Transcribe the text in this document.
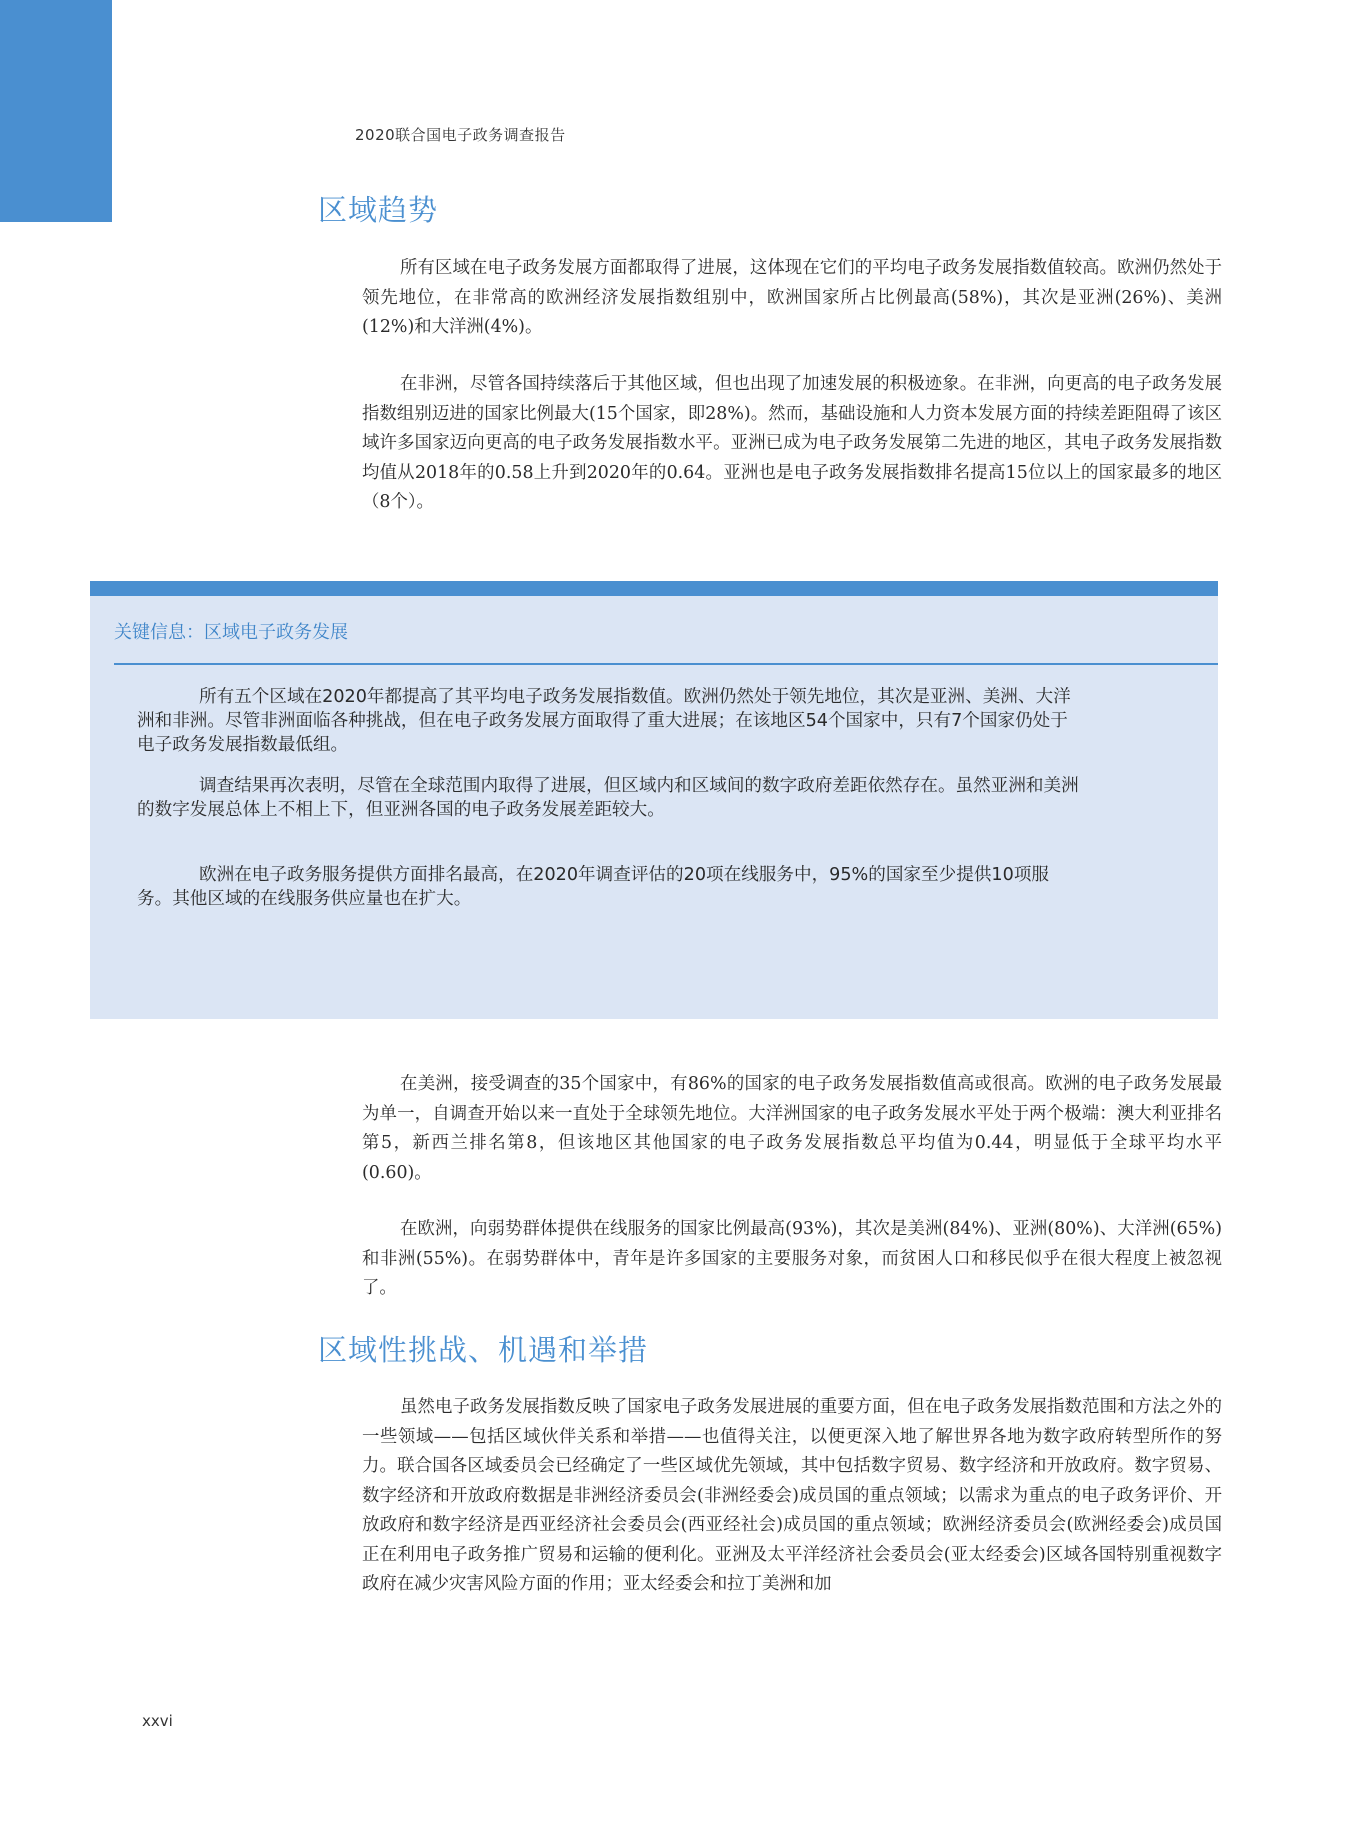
2020联合国电子政务调查报告
区域趋势

所有区域在电子政务发展方面都取得了进展，这体现在它们的平均电子政务发展指数值较高。欧洲仍然处于领先地位，在非常高的欧洲经济发展指数组别中，欧洲国家所占比例最高(58%)，其次是亚洲(26%)、美洲(12%)和大洋洲(4%)。

在非洲，尽管各国持续落后于其他区域，但也出现了加速发展的积极迹象。在非洲，向更高的电子政务发展指数组别迈进的国家比例最大(15个国家，即28%)。然而，基础设施和人力资本发展方面的持续差距阻碍了该区域许多国家迈向更高的电子政务发展指数水平。亚洲已成为电子政务发展第二先进的地区，其电子政务发展指数均值从2018年的0.58上升到2020年的0.64。亚洲也是电子政务发展指数排名提高15位以上的国家最多的地区（8个）。

关键信息：区域电子政务发展

所有五个区域在2020年都提高了其平均电子政务发展指数值。欧洲仍然处于领先地位，其次是亚洲、美洲、大洋洲和非洲。尽管非洲面临各种挑战，但在电子政务发展方面取得了重大进展；在该地区54个国家中，只有7个国家仍处于电子政务发展指数最低组。

调查结果再次表明，尽管在全球范围内取得了进展，但区域内和区域间的数字政府差距依然存在。虽然亚洲和美洲的数字发展总体上不相上下，但亚洲各国的电子政务发展差距较大。

欧洲在电子政务服务提供方面排名最高，在2020年调查评估的20项在线服务中，95%的国家至少提供10项服务。其他区域的在线服务供应量也在扩大。

在美洲，接受调查的35个国家中，有86%的国家的电子政务发展指数值高或很高。欧洲的电子政务发展最为单一，自调查开始以来一直处于全球领先地位。大洋洲国家的电子政务发展水平处于两个极端：澳大利亚排名第5，新西兰排名第8，但该地区其他国家的电子政务发展指数总平均值为0.44，明显低于全球平均水平(0.60)。

在欧洲，向弱势群体提供在线服务的国家比例最高(93%)，其次是美洲(84%)、亚洲(80%)、大洋洲(65%)和非洲(55%)。在弱势群体中，青年是许多国家的主要服务对象，而贫困人口和移民似乎在很大程度上被忽视了。

区域性挑战、机遇和举措

虽然电子政务发展指数反映了国家电子政务发展进展的重要方面，但在电子政务发展指数范围和方法之外的一些领域——包括区域伙伴关系和举措——也值得关注，以便更深入地了解世界各地为数字政府转型所作的努力。联合国各区域委员会已经确定了一些区域优先领域，其中包括数字贸易、数字经济和开放政府。数字贸易、数字经济和开放政府数据是非洲经济委员会(非洲经委会)成员国的重点领域；以需求为重点的电子政务评价、开放政府和数字经济是西亚经济社会委员会(西亚经社会)成员国的重点领域；欧洲经济委员会(欧洲经委会)成员国正在利用电子政务推广贸易和运输的便利化。亚洲及太平洋经济社会委员会(亚太经委会)区域各国特别重视数字政府在减少灾害风险方面的作用；亚太经委会和拉丁美洲和加

xxvi
